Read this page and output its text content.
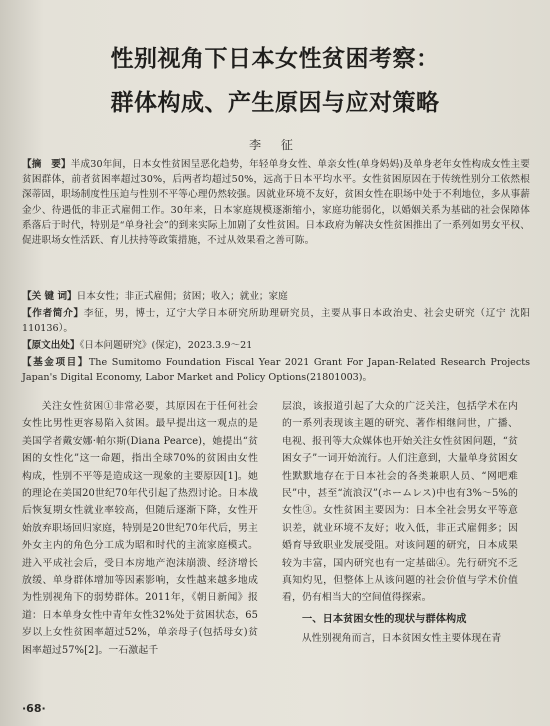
性别视角下日本女性贫困考察：
群体构成、产生原因与应对策略
李 征
【摘　要】半成30年间，日本女性贫困呈恶化趋势，年轻单身女性、单亲女性(单身妈妈)及单身老年女性构成女性主要贫困群体，前者贫困率超过30%，后两者均超过50%，远高于日本平均水平。女性贫困原因在于传统性别分工依然根深蒂固，职场制度性压迫与性别不平等心理仍然较强。因就业环境不友好，贫困女性在职场中处于不利地位，多从事薪金少、待遇低的非正式雇佣工作。30年来，日本家庭规模逐渐缩小，家庭功能弱化，以婚姻关系为基础的社会保障体系落后于时代，特别是“单身社会”的到来实际上加剧了女性贫困。日本政府为解决女性贫困推出了一系列如男女平权、促进职场女性活跃、育儿扶持等政策措施，不过从效果看之善可陈。
【关 键 词】日本女性；非正式雇佣；贫困；收入；就业；家庭
【作者简介】李征，男，博士，辽宁大学日本研究所助理研究员，主要从事日本政治史、社会史研究（辽宁 沈阳 110136）。
【原文出处】《日本问题研究》(保定)，2023.3.9～21
【基金项目】The Sumitomo Foundation Fiscal Year 2021 Grant For Japan-Related Research Projects Japan's Digital Economy, Labor Market and Policy Options(21801003)。

关注女性贫困①非常必要，其原因在于任何社会女性比男性更容易陷入贫困。最早提出这一观点的是美国学者戴安娜·帕尔斯(Diana Pearce)，她提出“贫困的女性化”这一命题，指出全球70%的贫困由女性构成，性别不平等是造成这一现象的主要原因[1]。她的理论在美国20世纪70年代引起了热烈讨论。日本战后恢复期女性就业率较高，但随后逐渐下降，女性开始放弃职场回归家庭，特别是20世纪70年代后，男主外女主内的角色分工成为昭和时代的主流家庭模式。进入平成社会后，受日本房地产泡沫崩溃、经济增长放缓、单身群体增加等因素影响，女性越来越多地成为性别视角下的弱势群体。2011年，《朝日新闻》报道：日本单身女性中青年女性32%处于贫困状态，65岁以上女性贫困率超过52%，单亲母子(包括母女)贫困率超过57%[2]。一石激起千

层浪，该报道引起了大众的广泛关注，包括学术在内的一系列表现该主题的研究、著作相继问世，广播、电视、报刊等大众媒体也开始关注女性贫困问题，“贫困女子”一词开始流行。人们注意到，大量单身贫困女性默默地存在于日本社会的各类兼职人员、“网吧难民”中，甚至“流浪汉”(ホームレス)中也有3%～5%的女性③。女性贫困主要因为：日本全社会男女平等意识差，就业环境不友好；收入低，非正式雇佣多；因婚育导致职业发展受阻。对该问题的研究，日本成果较为丰富，国内研究也有一定基础④。先行研究不乏真知灼见，但整体上从该问题的社会价值与学术价值看，仍有相当大的空间值得探索。

一、日本贫困女性的现状与群体构成

从性别视角而言，日本贫困女性主要体现在青

·68·
